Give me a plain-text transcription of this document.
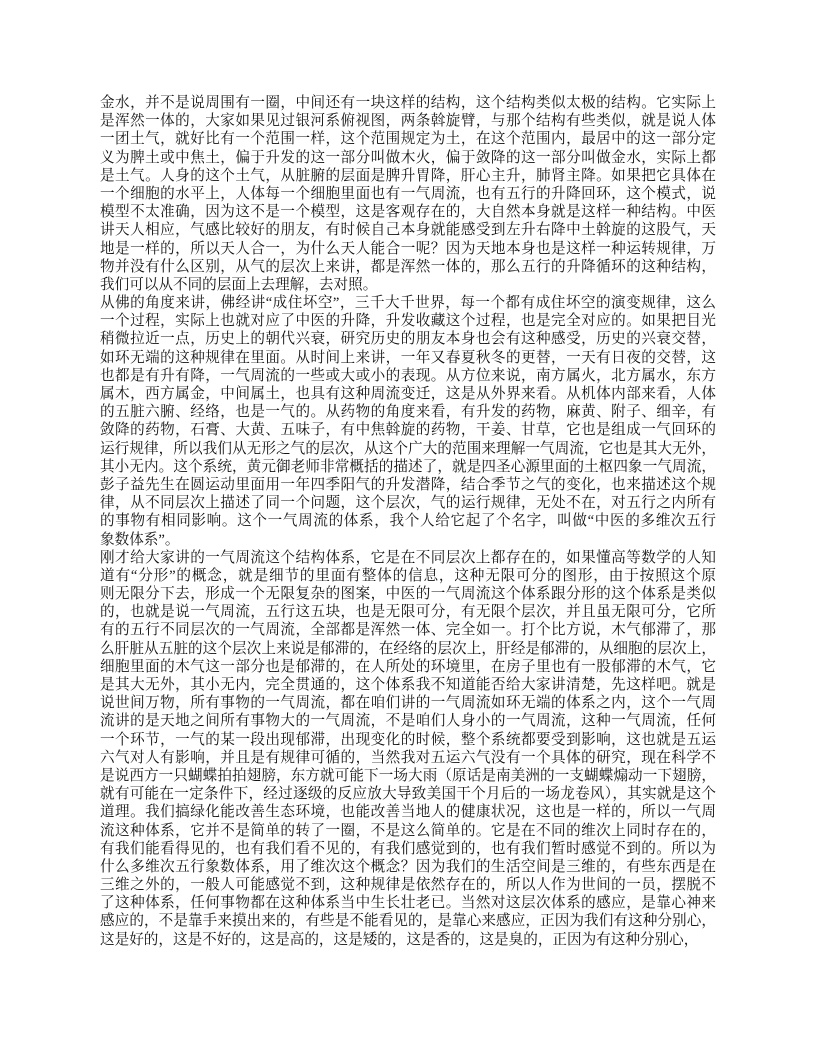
金水，并不是说周围有一圈，中间还有一块这样的结构，这个结构类似太极的结构。它实际上
是浑然一体的，大家如果见过银河系俯视图，两条斡旋臂，与那个结构有些类似，就是说人体
一团土气，就好比有一个范围一样，这个范围规定为土，在这个范围内，最居中的这一部分定
义为脾土或中焦土，偏于升发的这一部分叫做木火，偏于敛降的这一部分叫做金水，实际上都
是土气。人身的这个土气，从脏腑的层面是脾升胃降，肝心主升，肺肾主降。如果把它具体在
一个细胞的水平上，人体每一个细胞里面也有一气周流，也有五行的升降回环，这个模式，说
模型不太准确，因为这不是一个模型，这是客观存在的，大自然本身就是这样一种结构。中医
讲天人相应，气感比较好的朋友，有时候自己本身就能感受到左升右降中土斡旋的这股气，天
地是一样的，所以天人合一，为什么天人能合一呢？因为天地本身也是这样一种运转规律，万
物并没有什么区别，从气的层次上来讲，都是浑然一体的，那么五行的升降循环的这种结构，
我们可以从不同的层面上去理解，去对照。
从佛的角度来讲，佛经讲“成住坏空”，三千大千世界，每一个都有成住坏空的演变规律，这么
一个过程，实际上也就对应了中医的升降，升发收藏这个过程，也是完全对应的。如果把目光
稍微拉近一点，历史上的朝代兴衰，研究历史的朋友本身也会有这种感受，历史的兴衰交替，
如环无端的这种规律在里面。从时间上来讲，一年又春夏秋冬的更替，一天有日夜的交替，这
也都是有升有降，一气周流的一些或大或小的表现。从方位来说，南方属火，北方属水，东方
属木，西方属金，中间属土，也具有这种周流变迁，这是从外界来看。从机体内部来看，人体
的五脏六腑、经络，也是一气的。从药物的角度来看，有升发的药物，麻黄、附子、细辛，有
敛降的药物，石膏、大黄、五味子，有中焦斡旋的药物，干姜、甘草，它也是组成一气回环的
运行规律，所以我们从无形之气的层次，从这个广大的范围来理解一气周流，它也是其大无外，
其小无内。这个系统，黄元御老师非常概括的描述了，就是四圣心源里面的土枢四象一气周流，
彭子益先生在圆运动里面用一年四季阳气的升发潜降，结合季节之气的变化，也来描述这个规
律，从不同层次上描述了同一个问题，这个层次，气的运行规律，无处不在，对五行之内所有
的事物有相同影响。这个一气周流的体系，我个人给它起了个名字，叫做“中医的多维次五行
象数体系”。
刚才给大家讲的一气周流这个结构体系，它是在不同层次上都存在的，如果懂高等数学的人知
道有“分形”的概念，就是细节的里面有整体的信息，这种无限可分的图形，由于按照这个原
则无限分下去，形成一个无限复杂的图案，中医的一气周流这个体系跟分形的这个体系是类似
的，也就是说一气周流，五行这五块，也是无限可分，有无限个层次，并且虽无限可分，它所
有的五行不同层次的一气周流，全部都是浑然一体、完全如一。打个比方说，木气郁滞了，那
么肝脏从五脏的这个层次上来说是郁滞的，在经络的层次上，肝经是郁滞的，从细胞的层次上，
细胞里面的木气这一部分也是郁滞的，在人所处的环境里，在房子里也有一股郁滞的木气，它
是其大无外，其小无内，完全贯通的，这个体系我不知道能否给大家讲清楚，先这样吧。就是
说世间万物，所有事物的一气周流，都在咱们讲的一气周流如环无端的体系之内，这个一气周
流讲的是天地之间所有事物大的一气周流，不是咱们人身小的一气周流，这种一气周流，任何
一个环节，一气的某一段出现郁滞，出现变化的时候，整个系统都要受到影响，这也就是五运
六气对人有影响，并且是有规律可循的，当然我对五运六气没有一个具体的研究，现在科学不
是说西方一只蝴蝶拍拍翅膀，东方就可能下一场大雨（原话是南美洲的一支蝴蝶煽动一下翅膀，
就有可能在一定条件下，经过逐级的反应放大导致美国干个月后的一场龙卷风），其实就是这个
道理。我们搞绿化能改善生态环境，也能改善当地人的健康状况，这也是一样的，所以一气周
流这种体系，它并不是简单的转了一圈，不是这么简单的。它是在不同的维次上同时存在的，
有我们能看得见的，也有我们看不见的，有我们感觉到的，也有我们暂时感觉不到的。所以为
什么多维次五行象数体系，用了维次这个概念？因为我们的生活空间是三维的，有些东西是在
三维之外的，一般人可能感觉不到，这种规律是依然存在的，所以人作为世间的一员，摆脱不
了这种体系，任何事物都在这种体系当中生长壮老已。当然对这层次体系的感应，是靠心神来
感应的，不是靠手来摸出来的，有些是不能看见的，是靠心来感应，正因为我们有这种分别心，
这是好的，这是不好的，这是高的，这是矮的，这是香的，这是臭的，正因为有这种分别心，
